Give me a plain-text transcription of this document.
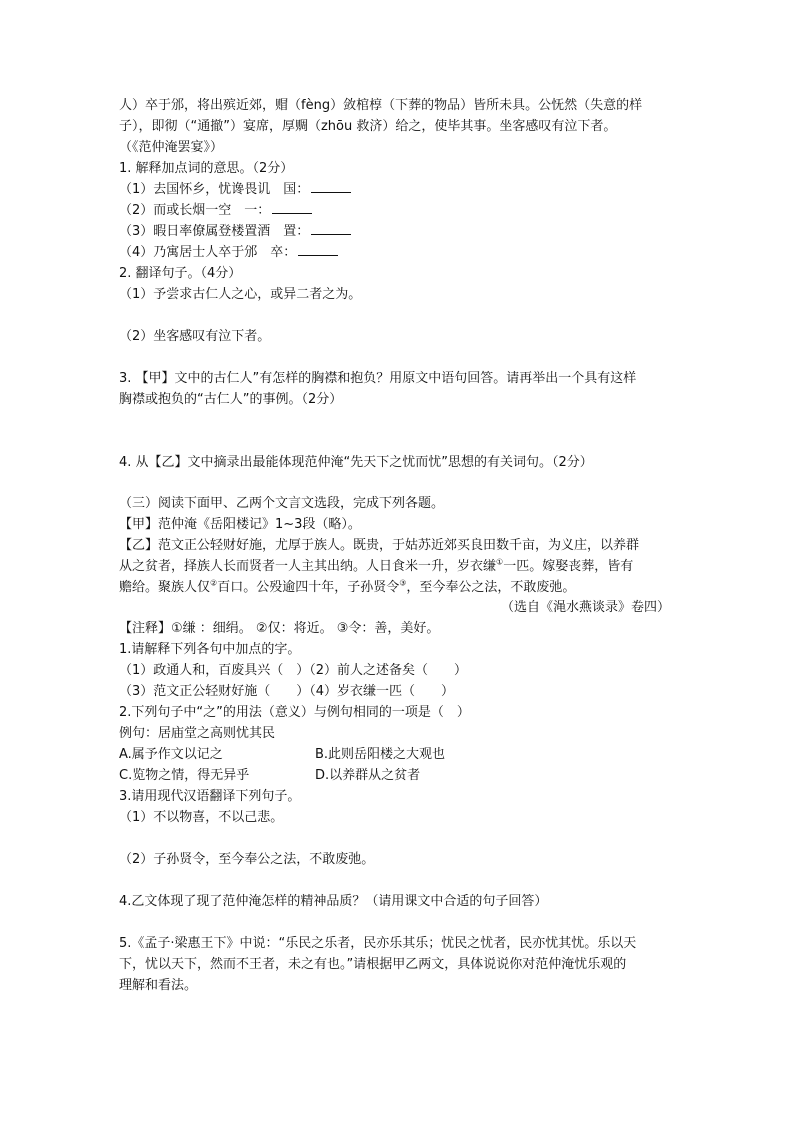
人）卒于邠，将出殡近郊，赗（fèng）敛棺椁（下葬的物品）皆所未具。公怃然（失意的样
子），即彻（“通撤”）宴席，厚赒（zhōu 救济）给之，使毕其事。坐客感叹有泣下者。
（《范仲淹罢宴》）
1. 解释加点词的意思。（2分）
（1）去国怀乡，忧谗畏讥　国：
（2）而或长烟一空　一：
（3）暇日率僚属登楼置酒　置：
（4）乃寓居士人卒于邠　卒：
2. 翻译句子。（4分）
（1）予尝求古仁人之心，或异二者之为。
（2）坐客感叹有泣下者。
3. 【甲】文中的古仁人”有怎样的胸襟和抱负？用原文中语句回答。请再举出一个具有这样
胸襟或抱负的“古仁人”的事例。（2分）
4. 从【乙】文中摘录出最能体现范仲淹“先天下之忧而忧”思想的有关词句。（2分）
（三）阅读下面甲、乙两个文言文选段，完成下列各题。
【甲】范仲淹《岳阳楼记》1~3段（略）。
【乙】范文正公轻财好施，尤厚于族人。既贵，于姑苏近郊买良田数千亩，为义庄，以养群
从之贫者，择族人长而贤者一人主其出纳。人日食米一升，岁衣缣①一匹。嫁娶丧葬，皆有
赡给。聚族人仅②百口。公殁逾四十年，子孙贤令③，至今奉公之法，不敢废弛。
（选自《渑水燕谈录》卷四）
【注释】①缣 ：细绢。 ②仅：将近。 ③令：善，美好。
1.请解释下列各句中加点的字。
（1）政通人和，百废具兴（　）（2）前人之述备矣（　　）
（3）范文正公轻财好施（　　）（4）岁衣缣一匹（　　）
2.下列句子中“之”的用法（意义）与例句相同的一项是（　）
例句：居庙堂之高则忧其民
A.属予作文以记之	B.此则岳阳楼之大观也
C.览物之情，得无异乎	D.以养群从之贫者
3.请用现代汉语翻译下列句子。
（1）不以物喜，不以己悲。
（2）子孙贤令，至今奉公之法，不敢废弛。
4.乙文体现了现了范仲淹怎样的精神品质？（请用课文中合适的句子回答）
5.《孟子·梁惠王下》中说：“乐民之乐者，民亦乐其乐；忧民之忧者，民亦忧其忧。乐以天
下，忧以天下，然而不王者，未之有也。”请根据甲乙两文，具体说说你对范仲淹忧乐观的
理解和看法。
